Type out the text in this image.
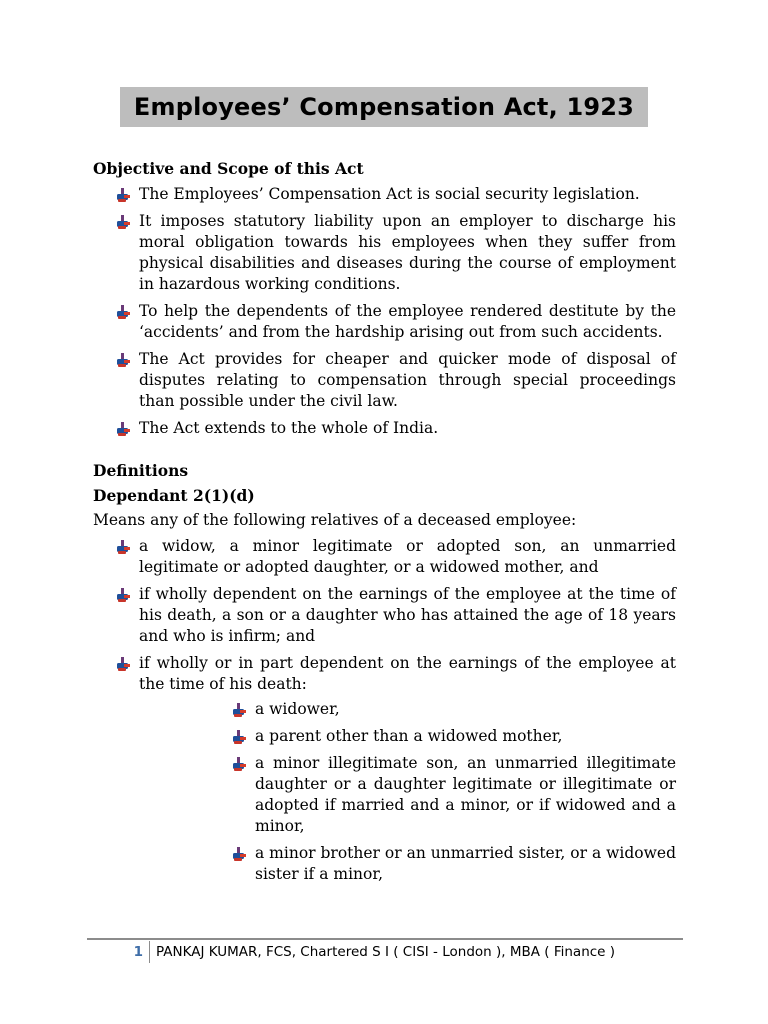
Employees’ Compensation Act, 1923

Objective and Scope of this Act

The Employees’ Compensation Act is social security legislation.
It imposes statutory liability upon an employer to discharge his moral obligation towards his employees when they suffer from physical disabilities and diseases during the course of employment in hazardous working conditions.
To help the dependents of the employee rendered destitute by the ‘accidents’ and from the hardship arising out from such accidents.
The Act provides for cheaper and quicker mode of disposal of disputes relating to compensation through special proceedings than possible under the civil law.
The Act extends to the whole of India.

Definitions

Dependant 2(1)(d)

Means any of the following relatives of a deceased employee:

a widow, a minor legitimate or adopted son, an unmarried legitimate or adopted daughter, or a widowed mother, and
if wholly dependent on the earnings of the employee at the time of his death, a son or a daughter who has attained the age of 18 years and who is infirm; and
if wholly or in part dependent on the earnings of the employee at the time of his death:
a widower,
a parent other than a widowed mother,
a minor illegitimate son, an unmarried illegitimate daughter or a daughter legitimate or illegitimate or adopted if married and a minor, or if widowed and a minor,
a minor brother or an unmarried sister, or a widowed sister if a minor,
1 PANKAJ KUMAR, FCS, Chartered S I ( CISI - London ), MBA ( Finance )
